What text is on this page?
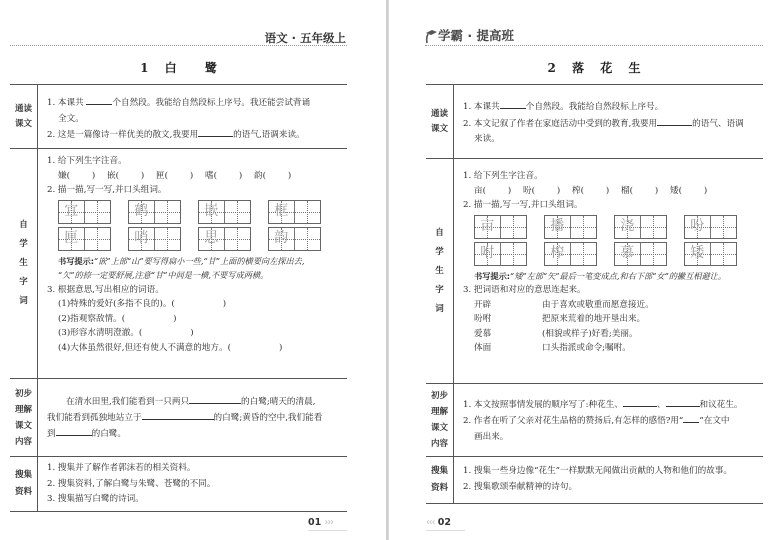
语文 · 五年级上
1 白 鹭
通读
课文
1. 本课共	个自然段。我能给自然段标上序号。我还能尝试背诵
全文。
2. 这是一篇像诗一样优美的散文,我要用	的语气,语调来读。
自
学
生
字
词
1. 给下列生字注音。
嫌(        )	嵌(        )	匣(        )	嗜(        )	韵(        )
2. 描一描,写一写,并口头组词。
宜	鹤	嵌	框
匣	哨	思	韵
书写提示:“嵌”上部“山”要写得扁小一些,“甘”上面的横要向左探出去,
“欠”的捺一定要舒展,注意“甘”中间是一横,不要写成两横。
3. 根据意思,写出相应的词语。
(1)特殊的爱好(多指不良的)。(	)
(2)指观察敌情。(	)
(3)形容水清明澄澈。(	)
(4)大体虽然很好,但还有使人不满意的地方。(	)
初步
理解
课文
内容
在清水田里,我们能看到一只两只	的白鹭;晴天的清晨,
我们能看到孤独地站立于	的白鹭;黄昏的空中,我们能看
到	的白鹭。
搜集
资料
1. 搜集并了解作者郭沫若的相关资料。
2. 搜集资料,了解白鹭与朱鹭、苍鹭的不同。
3. 搜集描写白鹭的诗词。
01 ›››
学霸 · 提高班
2 落 花 生
通读
课文
1. 本课共	个自然段。我能给自然段标上序号。
2. 本文记叙了作者在家庭活动中受到的教育,我要用	的语气、语调
来读。
自
学
生
字
词
1. 给下列生字注音。
亩(        )	吩(        )	榨(        )	榴(        )	矮(        )
2. 描一描,写一写,并口头组词。
亩	播	浇	吩
咐	榨	慕	矮
书写提示:“矮”左部“矢”最后一笔变成点,和右下部“女”的撇互相避让。
3. 把词语和对应的意思连起来。
开辟	由于喜欢或敬重而愿意接近。
吩咐	把原来荒着的地开垦出来。
爱慕	(相貌或样子)好看;美丽。
体面	口头指派或命令;嘱咐。
初步
理解
课文
内容
1. 本文按照事情发展的顺序写了:种花生、	、	和议花生。
2. 作者在听了父亲对花生品格的赞扬后,有怎样的感悟?用“ ”在文中
画出来。
搜集
资料
1. 搜集一些身边像“花生”一样默默无闻做出贡献的人物和他们的故事。
2. 搜集歌颂奉献精神的诗句。
‹‹‹ 02
